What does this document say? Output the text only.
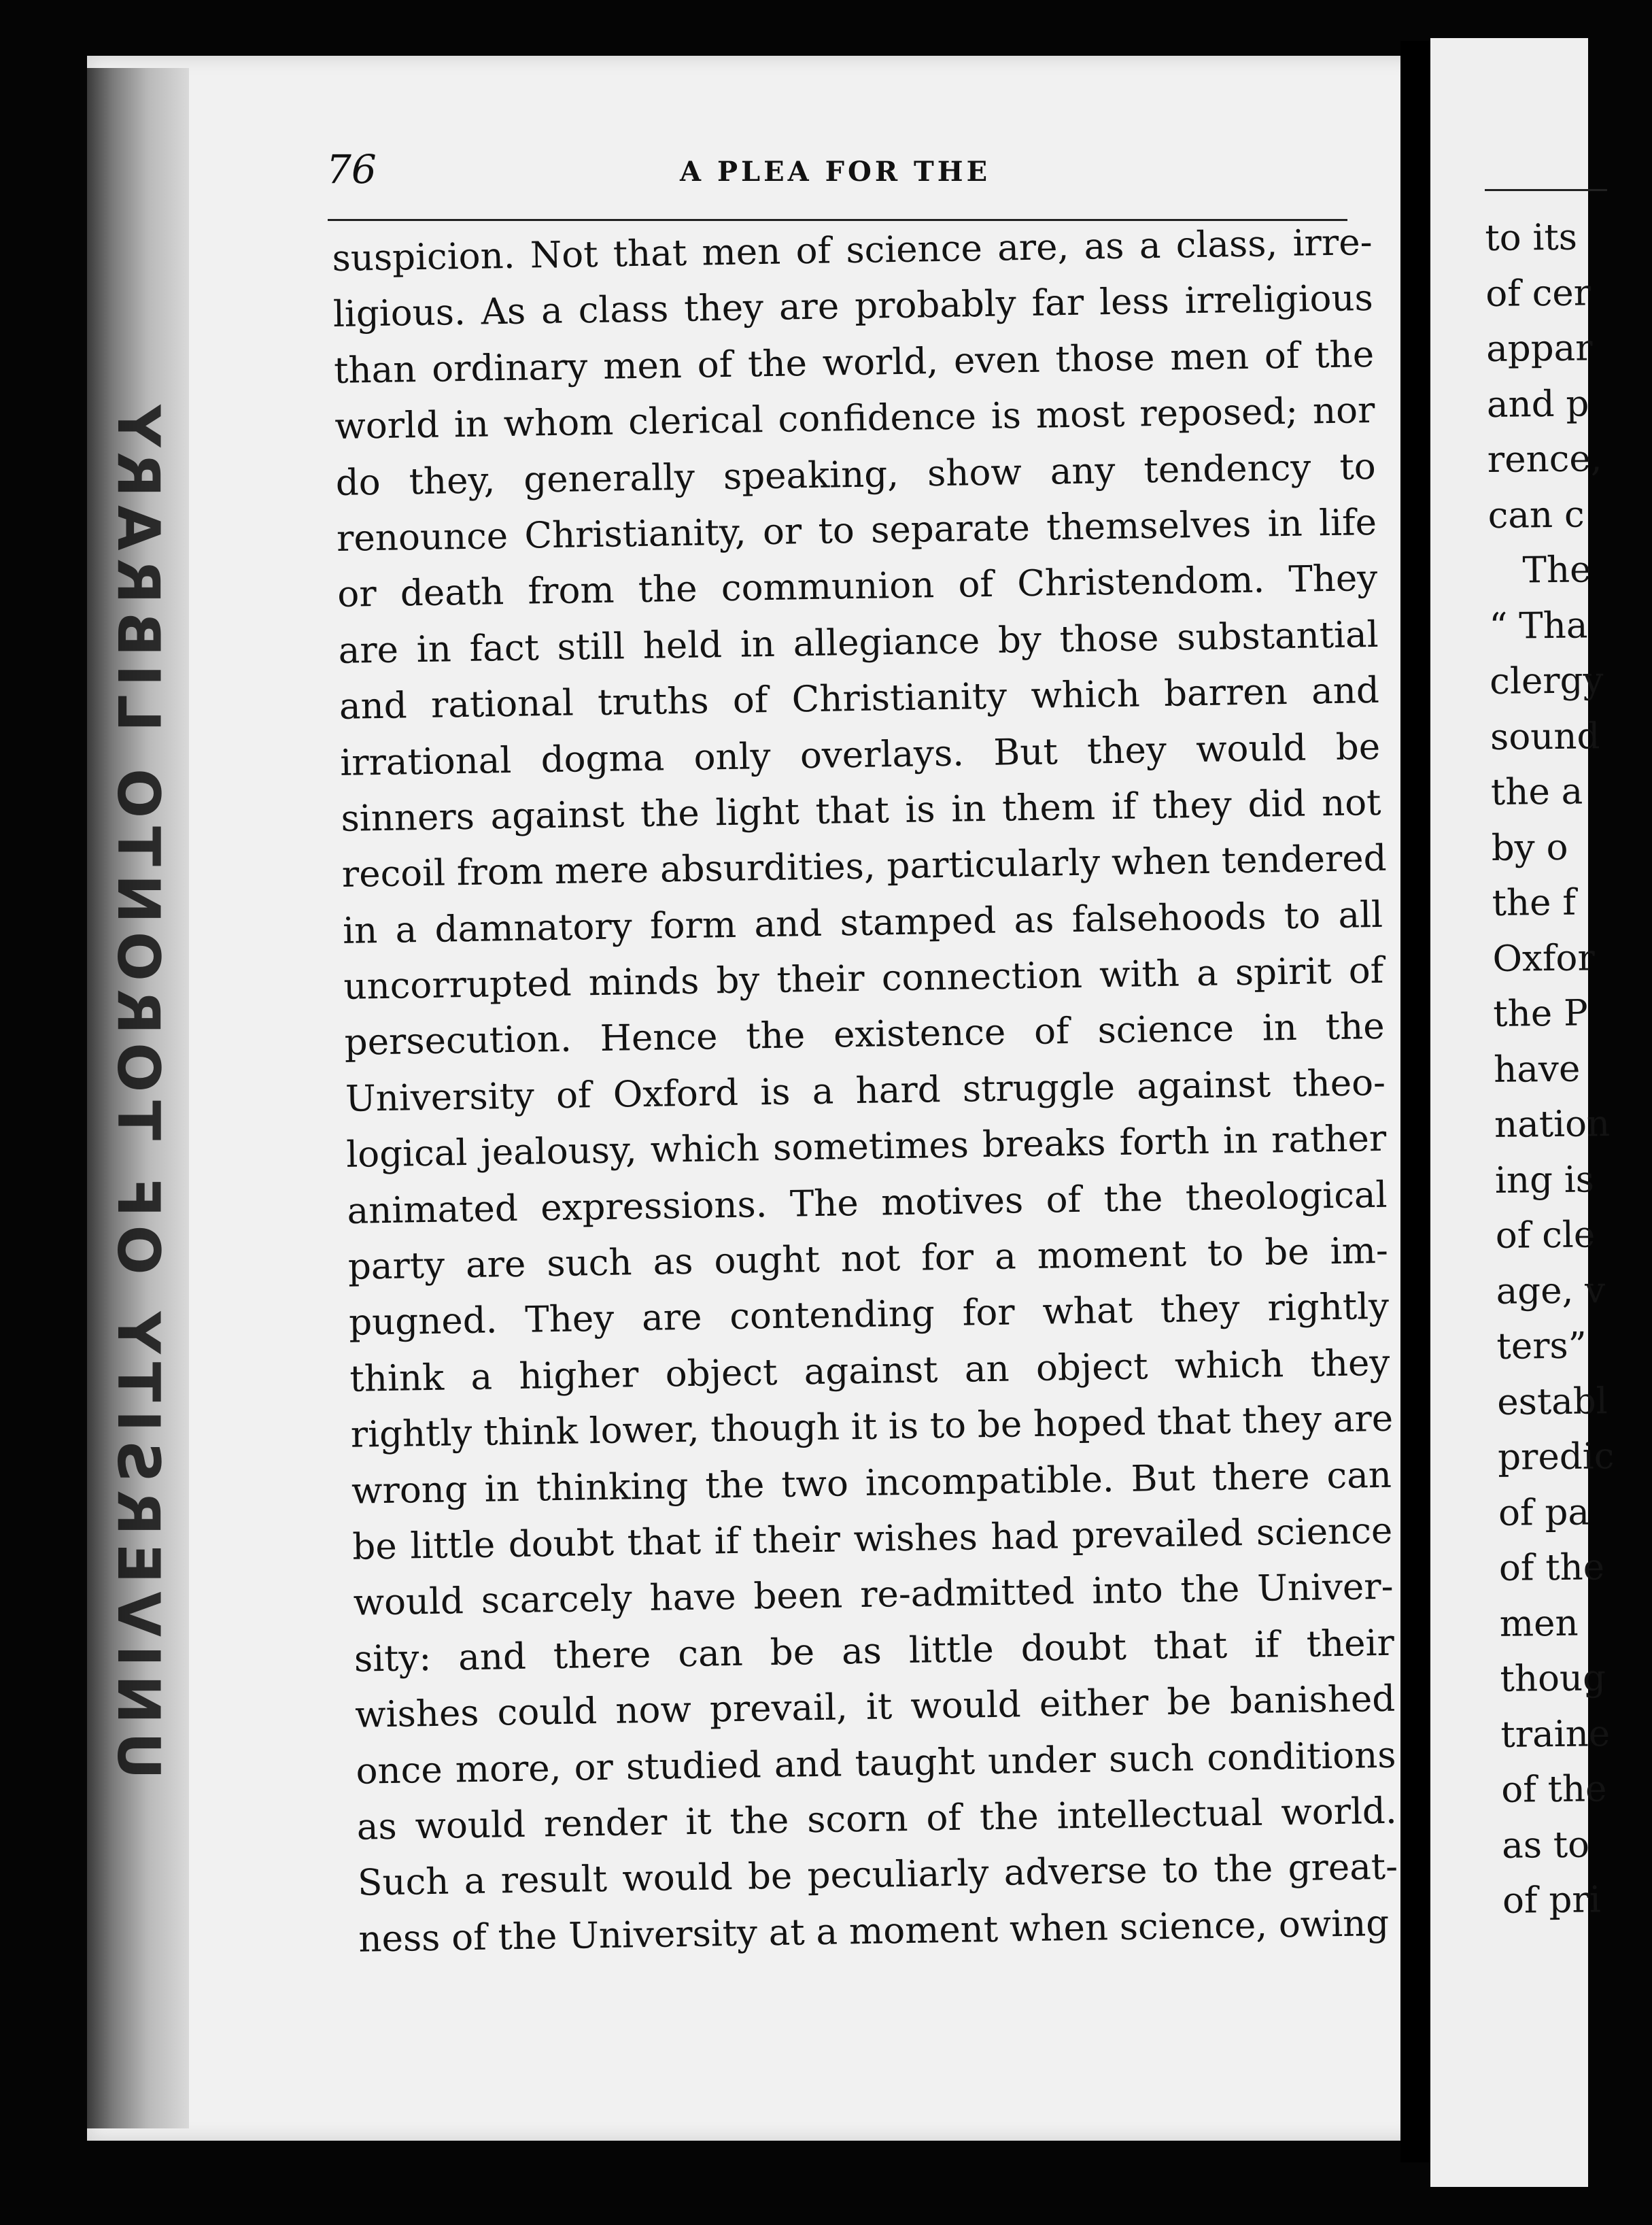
UNIVERSITY OF TORONTO LIBRARY
76	A PLEA FOR THE
suspicion. Not that men of science are, as a class, irre-
ligious. As a class they are probably far less irreligious
than ordinary men of the world, even those men of the
world in whom clerical confidence is most reposed; nor
do they, generally speaking, show any tendency to
renounce Christianity, or to separate themselves in life
or death from the communion of Christendom. They
are in fact still held in allegiance by those substantial
and rational truths of Christianity which barren and
irrational dogma only overlays. But they would be
sinners against the light that is in them if they did not
recoil from mere absurdities, particularly when tendered
in a damnatory form and stamped as falsehoods to all
uncorrupted minds by their connection with a spirit of
persecution. Hence the existence of science in the
University of Oxford is a hard struggle against theo-
logical jealousy, which sometimes breaks forth in rather
animated expressions. The motives of the theological
party are such as ought not for a moment to be im-
pugned. They are contending for what they rightly
think a higher object against an object which they
rightly think lower, though it is to be hoped that they are
wrong in thinking the two incompatible. But there can
be little doubt that if their wishes had prevailed science
would scarcely have been re-admitted into the Univer-
sity: and there can be as little doubt that if their
wishes could now prevail, it would either be banished
once more, or studied and taught under such conditions
as would render it the scorn of the intellectual world.
Such a result would be peculiarly adverse to the great-
ness of the University at a moment when science, owing
to its
of cer
appar
and p
rence,
can c
The
“ Tha
clergy
sound
the a
by o
the f
Oxfor
the P
have
nation
ing is
of cle
age, v
ters”
establ
predic
of pa
of the
men
thoug
traine
of the
as to
of pri
